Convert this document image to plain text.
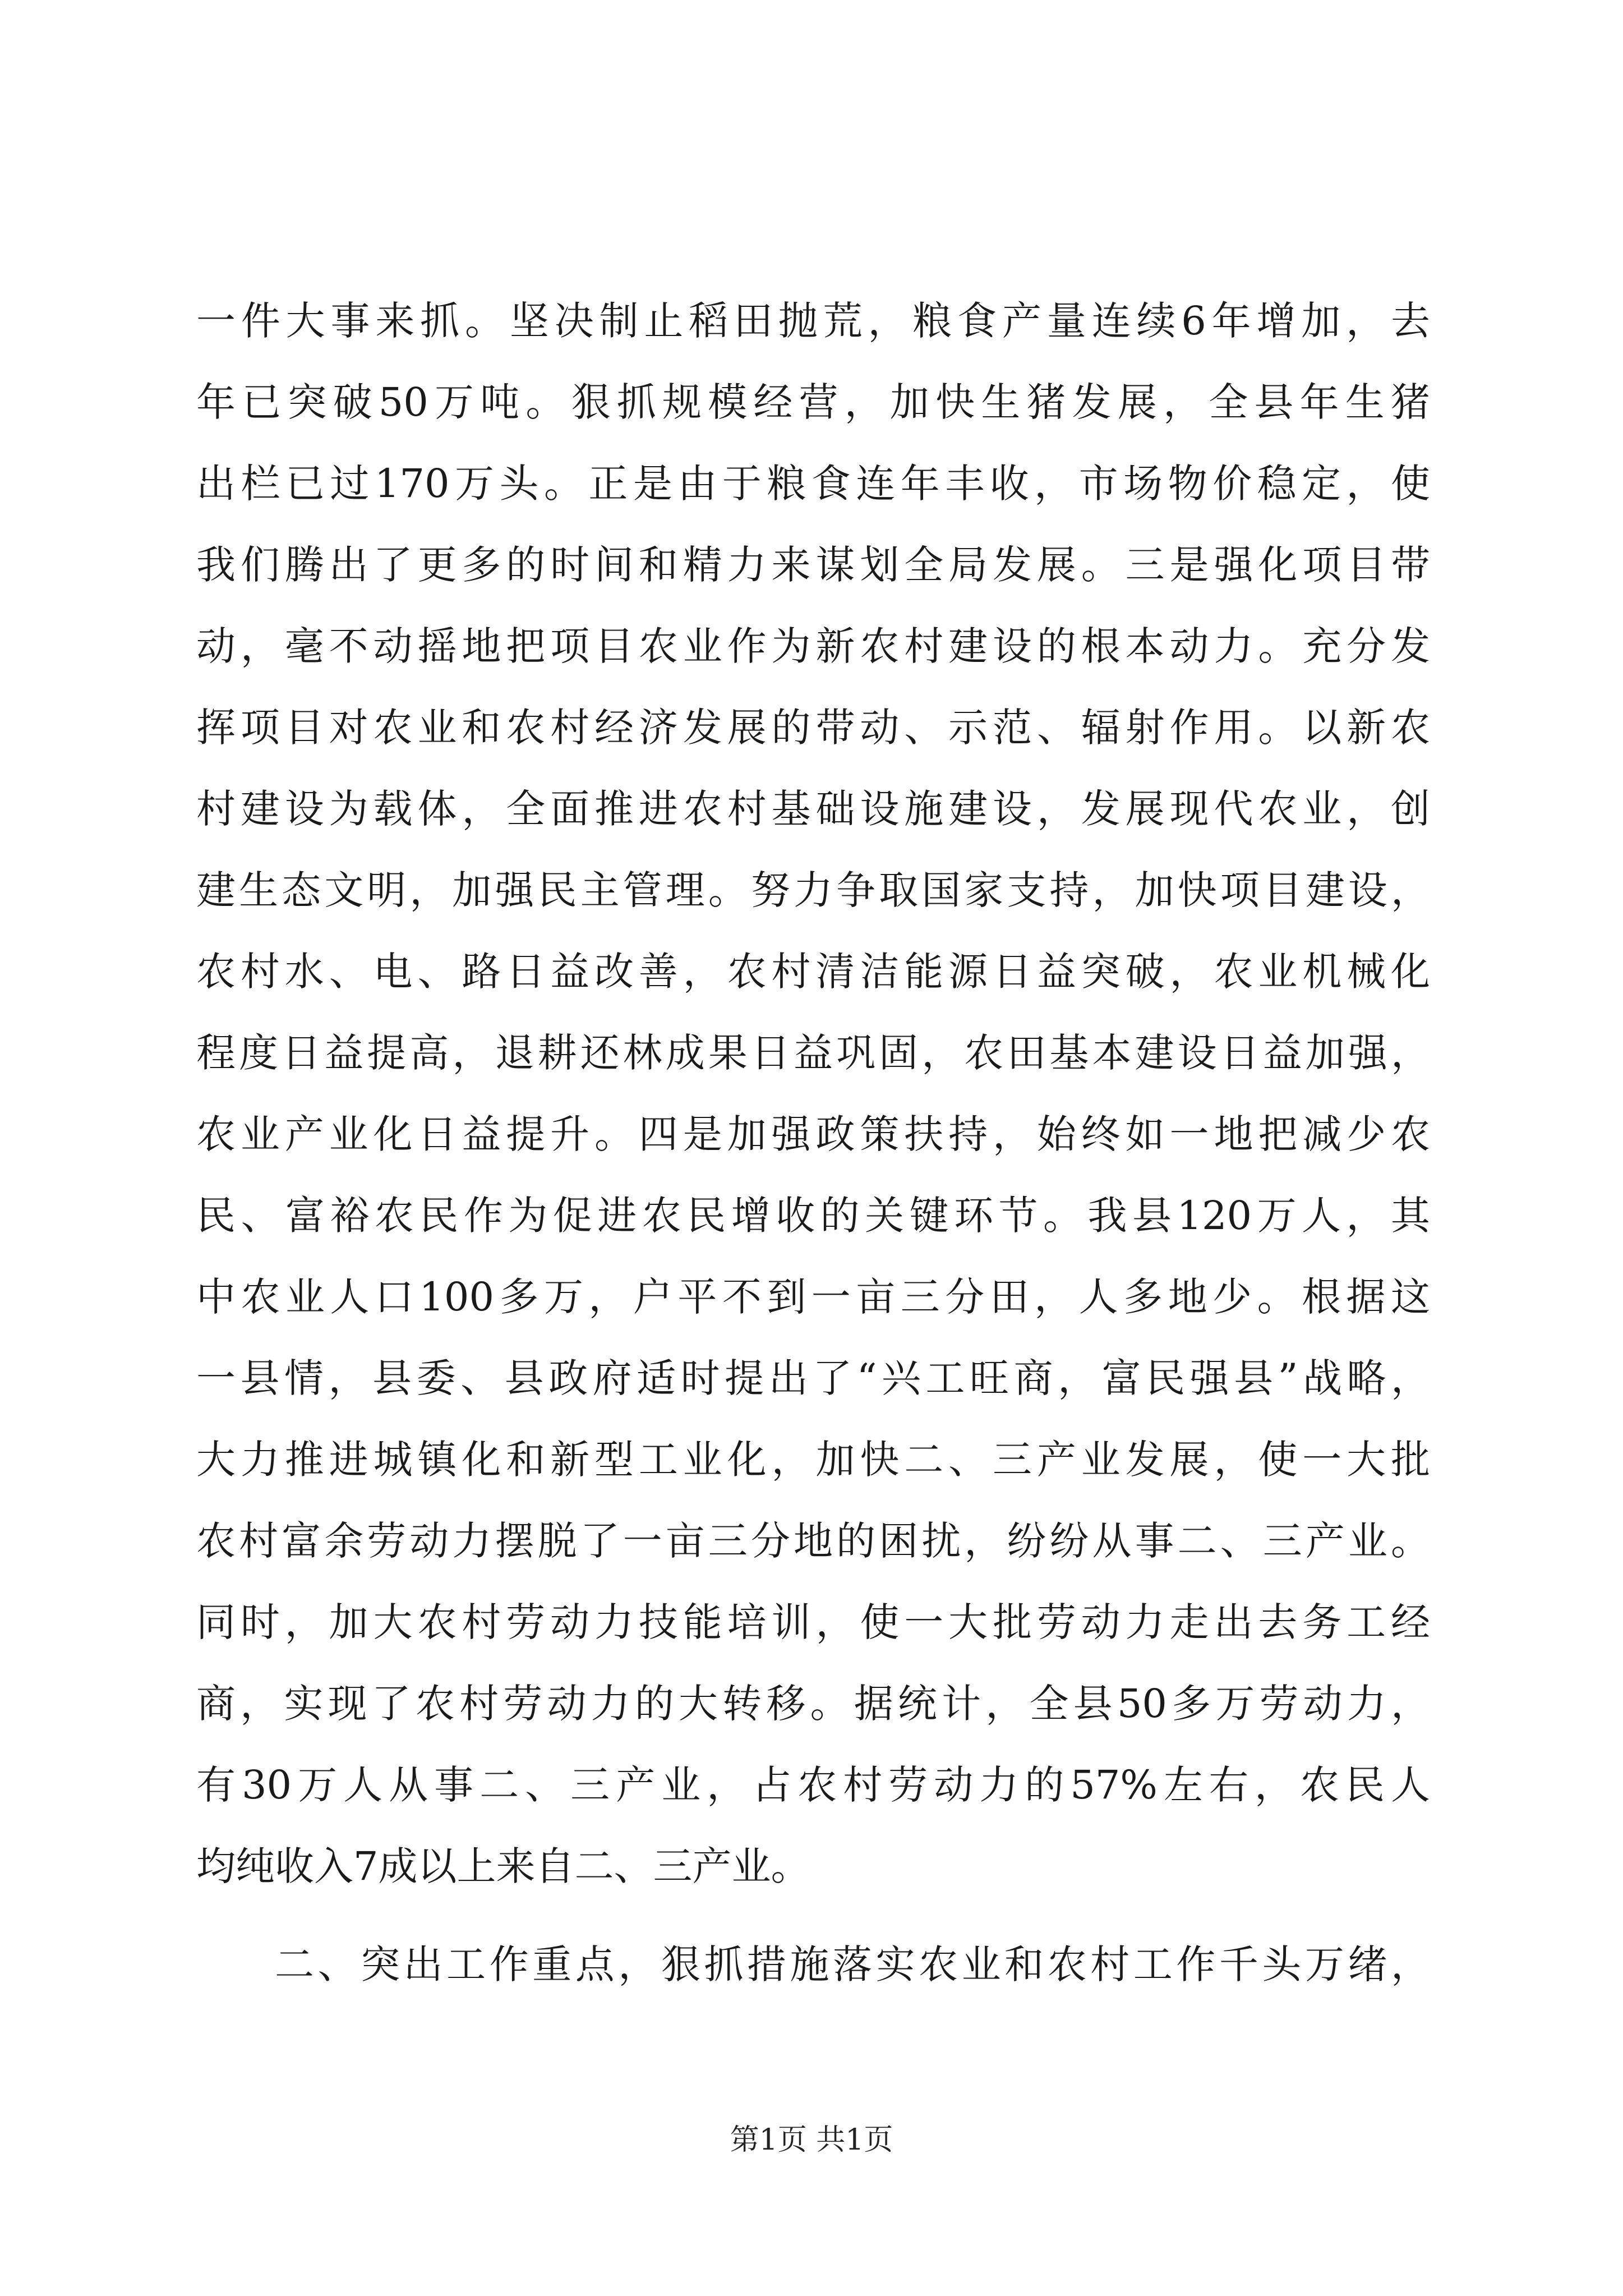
一件大事来抓。坚决制止稻田抛荒，粮食产量连续6年增加，去
年已突破50万吨。狠抓规模经营，加快生猪发展，全县年生猪
出栏已过170万头。正是由于粮食连年丰收，市场物价稳定，使
我们腾出了更多的时间和精力来谋划全局发展。三是强化项目带
动，毫不动摇地把项目农业作为新农村建设的根本动力。充分发
挥项目对农业和农村经济发展的带动、示范、辐射作用。以新农
村建设为载体，全面推进农村基础设施建设，发展现代农业，创
建生态文明，加强民主管理。努力争取国家支持，加快项目建设，
农村水、电、路日益改善，农村清洁能源日益突破，农业机械化
程度日益提高，退耕还林成果日益巩固，农田基本建设日益加强，
农业产业化日益提升。四是加强政策扶持，始终如一地把减少农
民、富裕农民作为促进农民增收的关键环节。我县120万人，其
中农业人口100多万，户平不到一亩三分田，人多地少。根据这
一县情，县委、县政府适时提出了“兴工旺商，富民强县”战略，
大力推进城镇化和新型工业化，加快二、三产业发展，使一大批
农村富余劳动力摆脱了一亩三分地的困扰，纷纷从事二、三产业。
同时，加大农村劳动力技能培训，使一大批劳动力走出去务工经
商，实现了农村劳动力的大转移。据统计，全县50多万劳动力，
有30万人从事二、三产业，占农村劳动力的57%左右，农民人
均纯收入7成以上来自二、三产业。
二、突出工作重点，狠抓措施落实农业和农村工作千头万绪，
第1页 共1页
